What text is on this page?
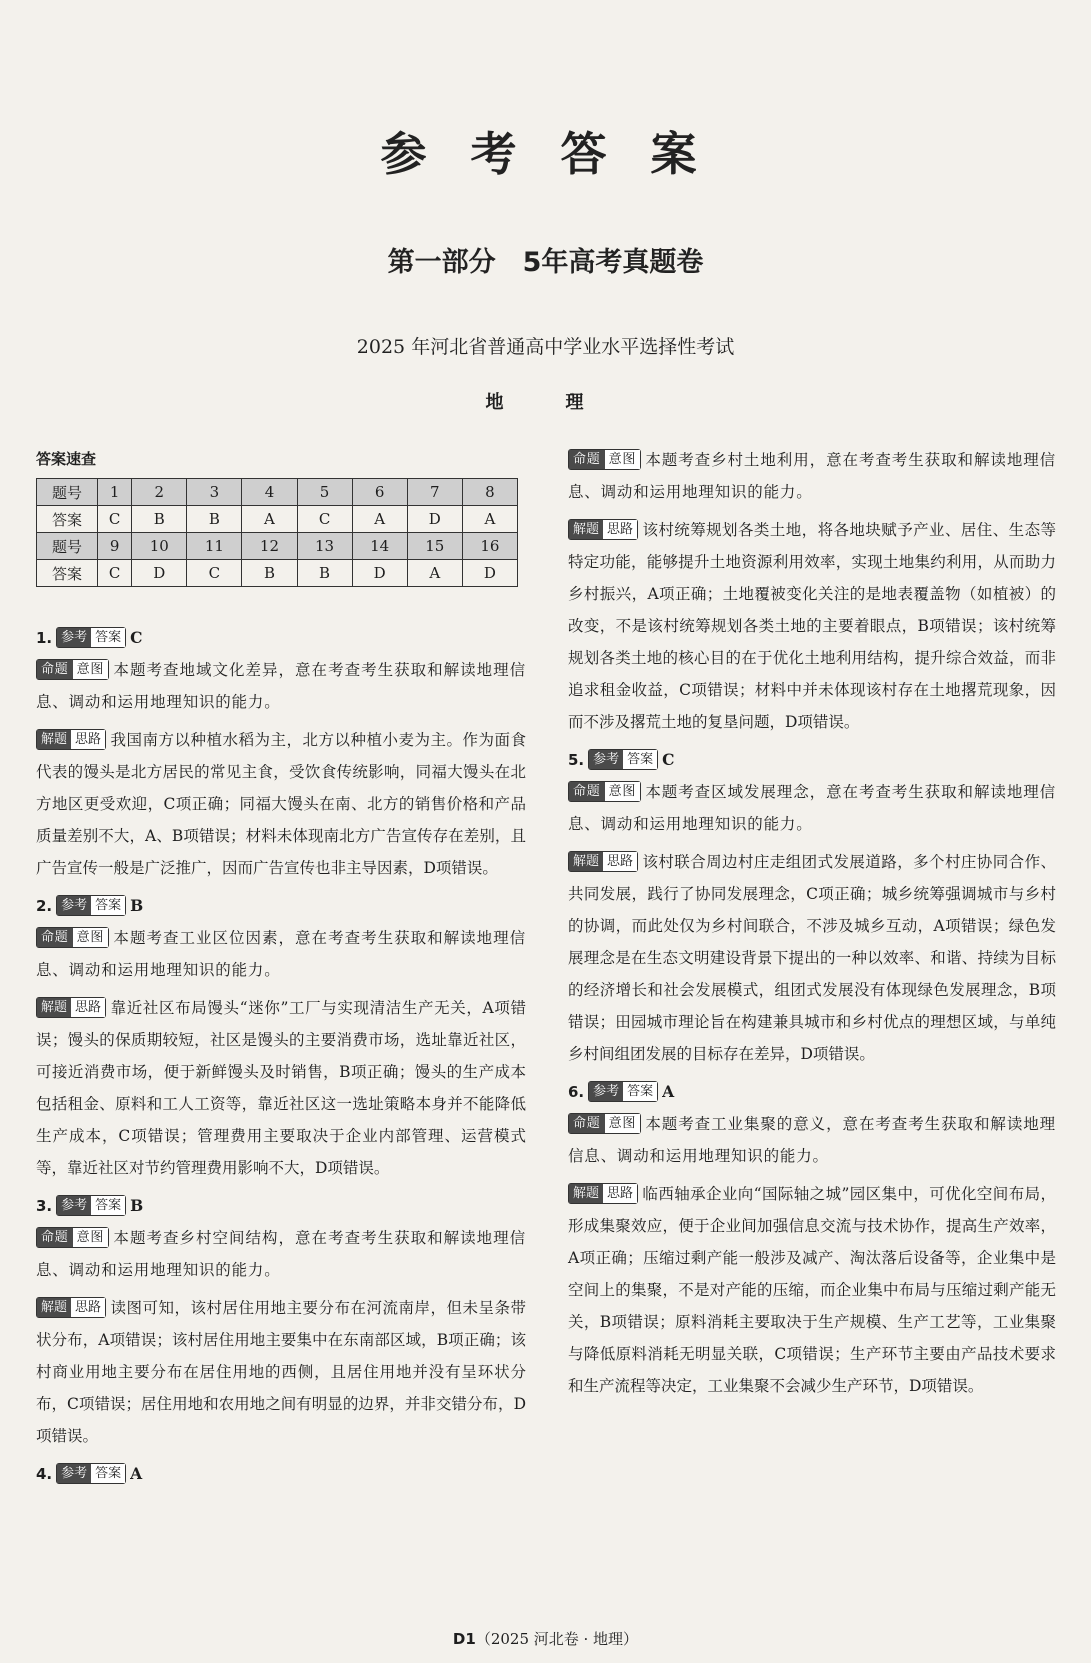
参 考 答 案
第一部分　5年高考真题卷
2025 年河北省普通高中学业水平选择性考试
地　理
答案速查
题号	1	2	3	4	5	6	7	8
答案	C	B	B	A	C	A	D	A
题号	9	10	11	12	13	14	15	16
答案	C	D	C	B	B	D	A	D

1. 参考 答案 C

命题 意图 本题考查地域文化差异，意在考查考生获取和解读地理信息、调动和运用地理知识的能力。

解题 思路 我国南方以种植水稻为主，北方以种植小麦为主。作为面食代表的馒头是北方居民的常见主食，受饮食传统影响，同福大馒头在北方地区更受欢迎，C项正确；同福大馒头在南、北方的销售价格和产品质量差别不大，A、B项错误；材料未体现南北方广告宣传存在差别，且广告宣传一般是广泛推广，因而广告宣传也非主导因素，D项错误。

2. 参考 答案 B

命题 意图 本题考查工业区位因素，意在考查考生获取和解读地理信息、调动和运用地理知识的能力。

解题 思路 靠近社区布局馒头“迷你”工厂与实现清洁生产无关，A项错误；馒头的保质期较短，社区是馒头的主要消费市场，选址靠近社区，可接近消费市场，便于新鲜馒头及时销售，B项正确；馒头的生产成本包括租金、原料和工人工资等，靠近社区这一选址策略本身并不能降低生产成本，C项错误；管理费用主要取决于企业内部管理、运营模式等，靠近社区对节约管理费用影响不大，D项错误。

3. 参考 答案 B

命题 意图 本题考查乡村空间结构，意在考查考生获取和解读地理信息、调动和运用地理知识的能力。

解题 思路 读图可知，该村居住用地主要分布在河流南岸，但未呈条带状分布，A项错误；该村居住用地主要集中在东南部区域，B项正确；该村商业用地主要分布在居住用地的西侧，且居住用地并没有呈环状分布，C项错误；居住用地和农用地之间有明显的边界，并非交错分布，D项错误。

4. 参考 答案 A

命题 意图 本题考查乡村土地利用，意在考查考生获取和解读地理信息、调动和运用地理知识的能力。

解题 思路 该村统筹规划各类土地，将各地块赋予产业、居住、生态等特定功能，能够提升土地资源利用效率，实现土地集约利用，从而助力乡村振兴，A项正确；土地覆被变化关注的是地表覆盖物（如植被）的改变，不是该村统筹规划各类土地的主要着眼点，B项错误；该村统筹规划各类土地的核心目的在于优化土地利用结构，提升综合效益，而非追求租金收益，C项错误；材料中并未体现该村存在土地撂荒现象，因而不涉及撂荒土地的复垦问题，D项错误。

5. 参考 答案 C

命题 意图 本题考查区域发展理念，意在考查考生获取和解读地理信息、调动和运用地理知识的能力。

解题 思路 该村联合周边村庄走组团式发展道路，多个村庄协同合作、共同发展，践行了协同发展理念，C项正确；城乡统筹强调城市与乡村的协调，而此处仅为乡村间联合，不涉及城乡互动，A项错误；绿色发展理念是在生态文明建设背景下提出的一种以效率、和谐、持续为目标的经济增长和社会发展模式，组团式发展没有体现绿色发展理念，B项错误；田园城市理论旨在构建兼具城市和乡村优点的理想区域，与单纯乡村间组团发展的目标存在差异，D项错误。

6. 参考 答案 A

命题 意图 本题考查工业集聚的意义，意在考查考生获取和解读地理信息、调动和运用地理知识的能力。

解题 思路 临西轴承企业向“国际轴之城”园区集中，可优化空间布局，形成集聚效应，便于企业间加强信息交流与技术协作，提高生产效率，A项正确；压缩过剩产能一般涉及减产、淘汰落后设备等，企业集中是空间上的集聚，不是对产能的压缩，而企业集中布局与压缩过剩产能无关，B项错误；原料消耗主要取决于生产规模、生产工艺等，工业集聚与降低原料消耗无明显关联，C项错误；生产环节主要由产品技术要求和生产流程等决定，工业集聚不会减少生产环节，D项错误。

D1（2025 河北卷 · 地理）
